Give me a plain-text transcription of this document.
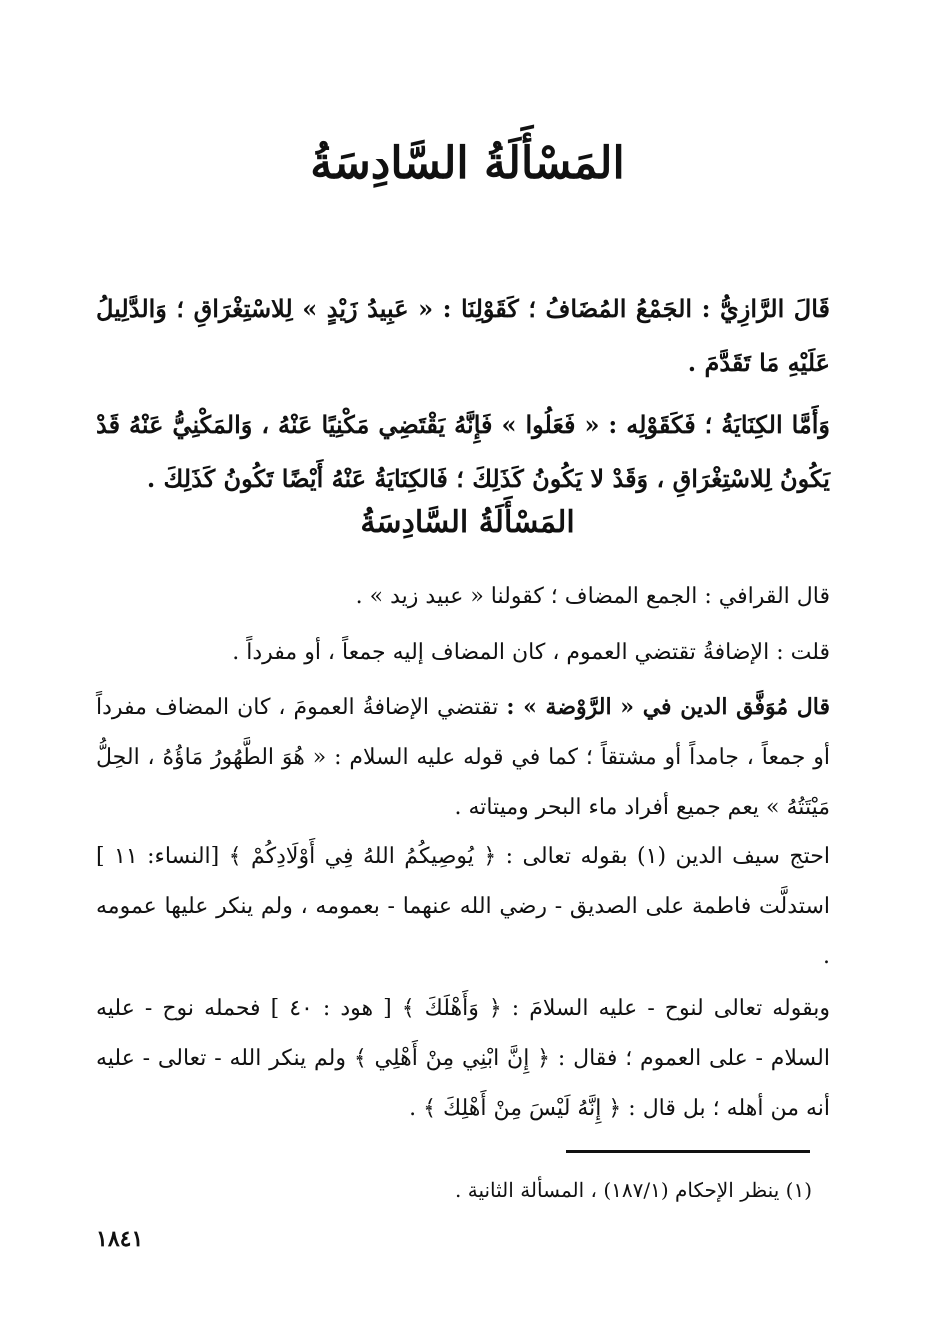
المَسْأَلَةُ السَّادِسَةُ
قَالَ الرَّازِيُّ : الجَمْعُ المُضَافُ ؛ كَقَوْلِنَا : « عَبِيدُ زَيْدٍ » لِلاسْتِغْرَاقِ ؛ وَالدَّلِيلُ عَلَيْهِ مَا تَقَدَّمَ .
وَأَمَّا الكِنَايَةُ ؛ فَكَقَوْلِه : « فَعَلُوا » فَإِنَّهُ يَقْتَضِي مَكْنِيًا عَنْهُ ، وَالمَكْنِيُّ عَنْهُ قَدْ يَكُونُ لِلاسْتِغْرَاقِ ، وَقَدْ لا يَكُونُ كَذَلِكَ ؛ فَالكِنَايَةُ عَنْهُ أَيْضًا تَكُونُ كَذَلِكَ .
المَسْأَلَةُ السَّادِسَةُ
قال القرافي : الجمع المضاف ؛ كقولنا « عبيد زيد » .
قلت : الإضافةُ تقتضي العموم ، كان المضاف إليه جمعاً ، أو مفرداً .
قال مُوَفَّق الدين في « الرَّوْضة » : تقتضي الإضافةُ العمومَ ، كان المضاف مفرداً أو جمعاً ، جامداً أو مشتقاً ؛ كما في قوله عليه السلام : « هُوَ الطَّهُورُ مَاؤُهُ ، الحِلُّ مَيْتَتُهُ » يعم جميع أفراد ماء البحر وميتاته .
احتج سيف الدين (١) بقوله تعالى : ﴿ يُوصِيكُمُ اللهُ فِي أَوْلَادِكُمْ ﴾ [النساء: ١١ ] استدلَّت فاطمة على الصديق - رضي الله عنهما - بعمومه ، ولم ينكر عليها عمومه .
وبقوله تعالى لنوح - عليه السلامَ : ﴿ وَأَهْلَكَ ﴾ [ هود : ٤٠ ] فحمله نوح - عليه السلام - على العموم ؛ فقال : ﴿ إِنَّ ابْنِي مِنْ أَهْلِي ﴾ ولم ينكر الله - تعالى - عليه أنه من أهله ؛ بل قال : ﴿ إِنَّهُ لَيْسَ مِنْ أَهْلِكَ ﴾ .
(١) ينظر الإحكام (١٨٧/١) ، المسألة الثانية .
١٨٤١
